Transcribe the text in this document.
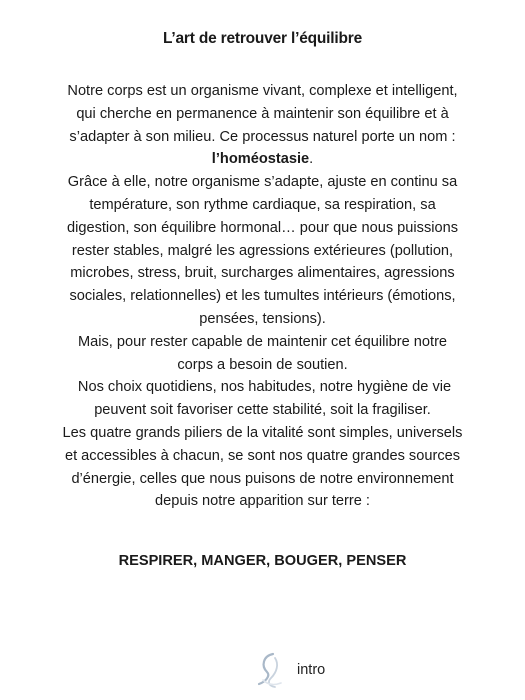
L’art de retrouver l’équilibre

Notre corps est un organisme vivant, complexe et intelligent,
qui cherche en permanence à maintenir son équilibre et à
s’adapter à son milieu. Ce processus naturel porte un nom :
l’homéostasie.
Grâce à elle, notre organisme s’adapte, ajuste en continu sa
température, son rythme cardiaque, sa respiration, sa
digestion, son équilibre hormonal… pour que nous puissions
rester stables, malgré les agressions extérieures (pollution,
microbes, stress, bruit, surcharges alimentaires, agressions
sociales, relationnelles) et les tumultes intérieurs (émotions,
pensées, tensions).
Mais, pour rester capable de maintenir cet équilibre notre
corps a besoin de soutien.
Nos choix quotidiens, nos habitudes, notre hygiène de vie
peuvent soit favoriser cette stabilité, soit la fragiliser.
Les quatre grands piliers de la vitalité sont simples, universels
et accessibles à chacun, se sont nos quatre grandes sources
d’énergie, celles que nous puisons de notre environnement
depuis notre apparition sur terre :

RESPIRER, MANGER, BOUGER, PENSER

intro
